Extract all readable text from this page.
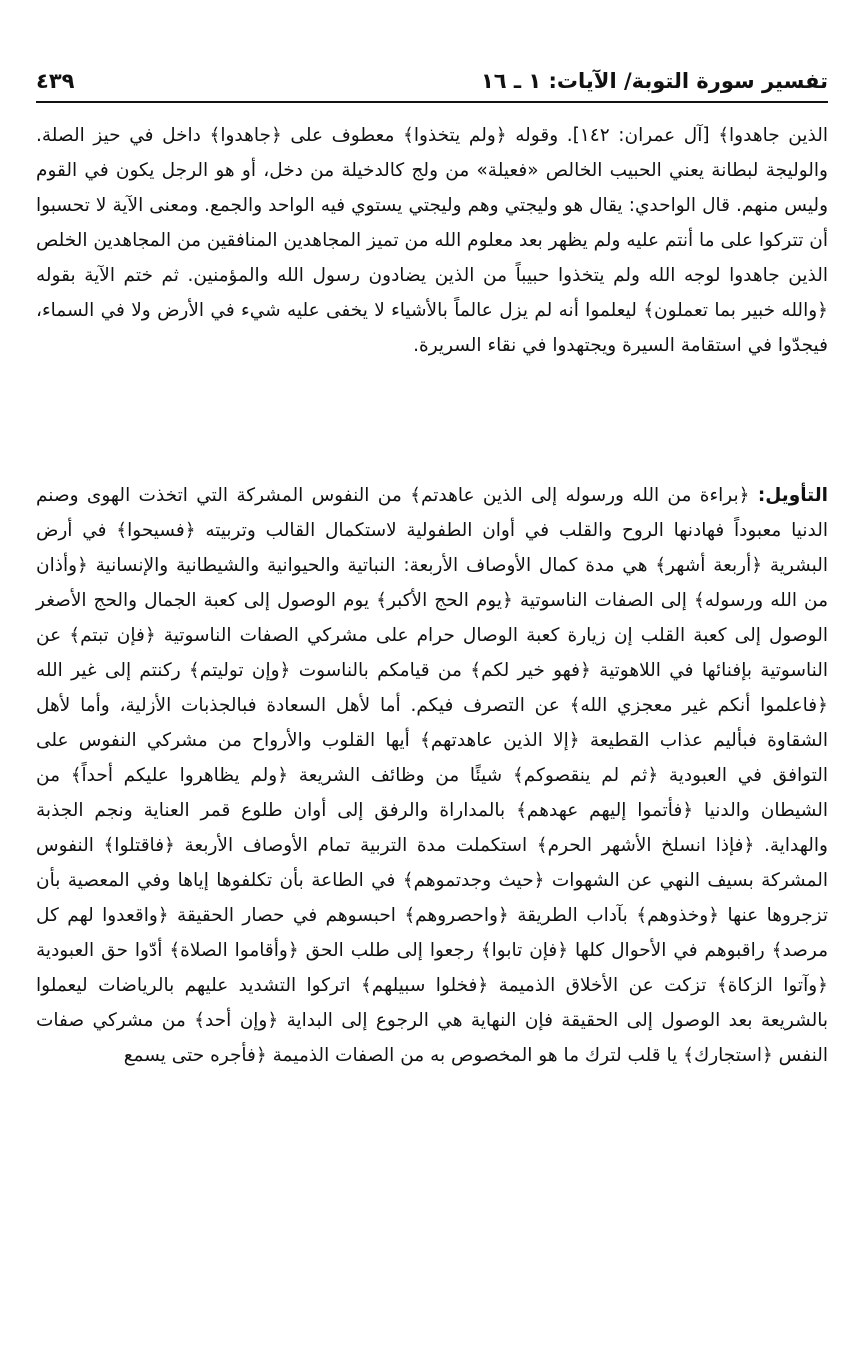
تفسير سورة التوبة/ الآيات: ١ ـ ١٦
٤٣٩
الذين جاهدوا﴾ [آل عمران: ١٤٢]. وقوله ﴿ولم يتخذوا﴾ معطوف على ﴿جاهدوا﴾ داخل في حيز الصلة. والوليجة لبطانة يعني الحبيب الخالص «فعيلة» من ولج كالدخيلة من دخل، أو هو الرجل يكون في القوم وليس منهم. قال الواحدي: يقال هو وليجتي وهم وليجتي يستوي فيه الواحد والجمع. ومعنى الآية لا تحسبوا أن تتركوا على ما أنتم عليه ولم يظهر بعد معلوم الله من تميز المجاهدين المنافقين من المجاهدين الخلص الذين جاهدوا لوجه الله ولم يتخذوا حبيباً من الذين يضادون رسول الله والمؤمنين. ثم ختم الآية بقوله ﴿والله خبير بما تعملون﴾ ليعلموا أنه لم يزل عالماً بالأشياء لا يخفى عليه شيء في الأرض ولا في السماء، فيجدّوا في استقامة السيرة ويجتهدوا في نقاء السريرة.
التأويل: ﴿براءة من الله ورسوله إلى الذين عاهدتم﴾ من النفوس المشركة التي اتخذت الهوى وصنم الدنيا معبوداً فهادنها الروح والقلب في أوان الطفولية لاستكمال القالب وتربيته ﴿فسيحوا﴾ في أرض البشرية ﴿أربعة أشهر﴾ هي مدة كمال الأوصاف الأربعة: النباتية والحيوانية والشيطانية والإنسانية ﴿وأذان من الله ورسوله﴾ إلى الصفات الناسوتية ﴿يوم الحج الأكبر﴾ يوم الوصول إلى كعبة الجمال والحج الأصغر الوصول إلى كعبة القلب إن زيارة كعبة الوصال حرام على مشركي الصفات الناسوتية ﴿فإن تبتم﴾ عن الناسوتية بإفنائها في اللاهوتية ﴿فهو خير لكم﴾ من قيامكم بالناسوت ﴿وإن توليتم﴾ ركنتم إلى غير الله ﴿فاعلموا أنكم غير معجزي الله﴾ عن التصرف فيكم. أما لأهل السعادة فبالجذبات الأزلية، وأما لأهل الشقاوة فبأليم عذاب القطيعة ﴿إلا الذين عاهدتهم﴾ أيها القلوب والأرواح من مشركي النفوس على التوافق في العبودية ﴿ثم لم ينقصوكم﴾ شيئًا من وظائف الشريعة ﴿ولم يظاهروا عليكم أحداً﴾ من الشيطان والدنيا ﴿فأتموا إليهم عهدهم﴾ بالمداراة والرفق إلى أوان طلوع قمر العناية ونجم الجذبة والهداية. ﴿فإذا انسلخ الأشهر الحرم﴾ استكملت مدة التربية تمام الأوصاف الأربعة ﴿فاقتلوا﴾ النفوس المشركة بسيف النهي عن الشهوات ﴿حيث وجدتموهم﴾ في الطاعة بأن تكلفوها إياها وفي المعصية بأن تزجروها عنها ﴿وخذوهم﴾ بآداب الطريقة ﴿واحصروهم﴾ احبسوهم في حصار الحقيقة ﴿واقعدوا لهم كل مرصد﴾ راقبوهم في الأحوال كلها ﴿فإن تابوا﴾ رجعوا إلى طلب الحق ﴿وأقاموا الصلاة﴾ أدّوا حق العبودية ﴿وآتوا الزكاة﴾ تزكت عن الأخلاق الذميمة ﴿فخلوا سبيلهم﴾ اتركوا التشديد عليهم بالرياضات ليعملوا بالشريعة بعد الوصول إلى الحقيقة فإن النهاية هي الرجوع إلى البداية ﴿وإن أحد﴾ من مشركي صفات النفس ﴿استجارك﴾ يا قلب لترك ما هو المخصوص به من الصفات الذميمة ﴿فأجره حتى يسمع
